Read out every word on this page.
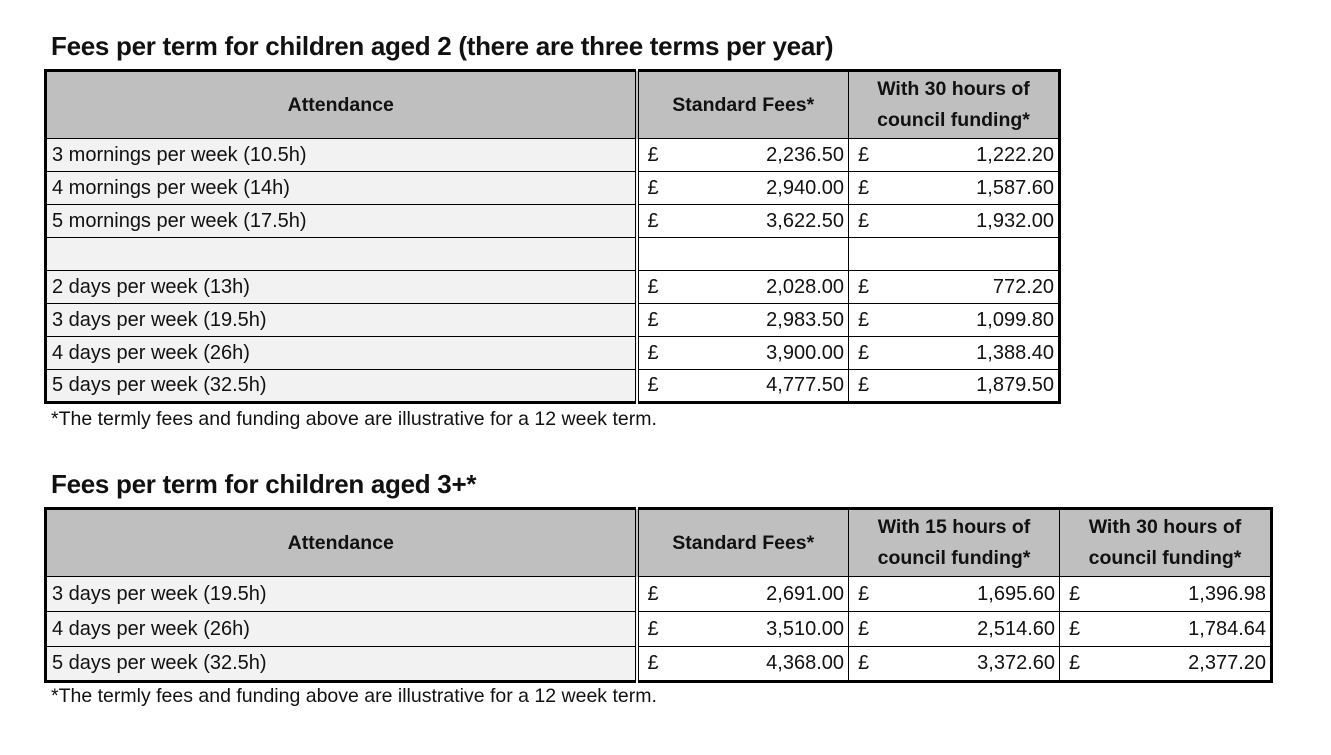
Fees per term for children aged 2 (there are three terms per year)
Attendance	Standard Fees*	With 30 hours of council funding*
3 mornings per week (10.5h)	£ 2,236.50	£ 1,222.20

4 mornings per week (14h)	£ 2,940.00	£ 1,587.60

5 mornings per week (17.5h)	£ 3,622.50	£ 1,932.00

2 days per week (13h)	£ 2,028.00	£ 772.20

3 days per week (19.5h)	£ 2,983.50	£ 1,099.80

4 days per week (26h)	£ 3,900.00	£ 1,388.40

5 days per week (32.5h)	£ 4,777.50	£ 1,879.50

*The termly fees and funding above are illustrative for a 12 week term.

Fees per term for children aged 3+*
Attendance	Standard Fees*	With 15 hours of council funding*	With 30 hours of council funding*
3 days per week (19.5h)	£ 2,691.00	£ 1,695.60	£ 1,396.98

4 days per week (26h)	£ 3,510.00	£ 2,514.60	£ 1,784.64

5 days per week (32.5h)	£ 4,368.00	£ 3,372.60	£ 2,377.20

*The termly fees and funding above are illustrative for a 12 week term.
